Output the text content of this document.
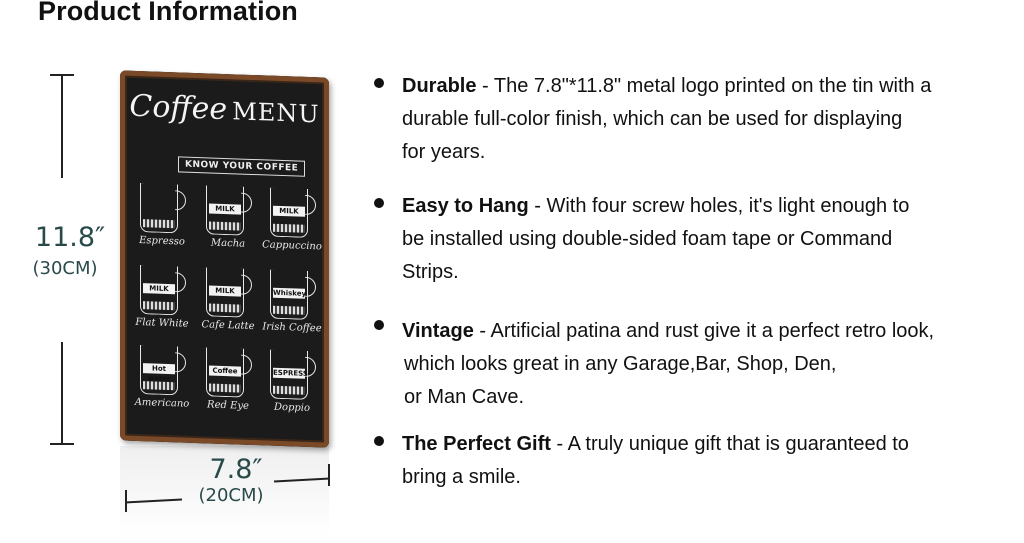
Product Information
11.8″
(30CM)
Coffee MENU
KNOW YOUR COFFEE
Espresso
MILK
Macha
MILK
Cappuccino
MILK
Flat White
MILK
Cafe Latte
Whiskey
Irish Coffee
Hot water
Americano
Coffee
Red Eye
ESPRESSO
Doppio
7.8″
(20CM)
Durable - The 7.8"*11.8" metal logo printed on the tin with a
durable full-color finish, which can be used for displaying
for years.
Easy to Hang - With four screw holes, it's light enough to
be installed using double-sided foam tape or Command
Strips.
Vintage - Artificial patina and rust give it a perfect retro look,
which looks great in any Garage,Bar, Shop, Den,
or Man Cave.
The Perfect Gift - A truly unique gift that is guaranteed to
bring a smile.
